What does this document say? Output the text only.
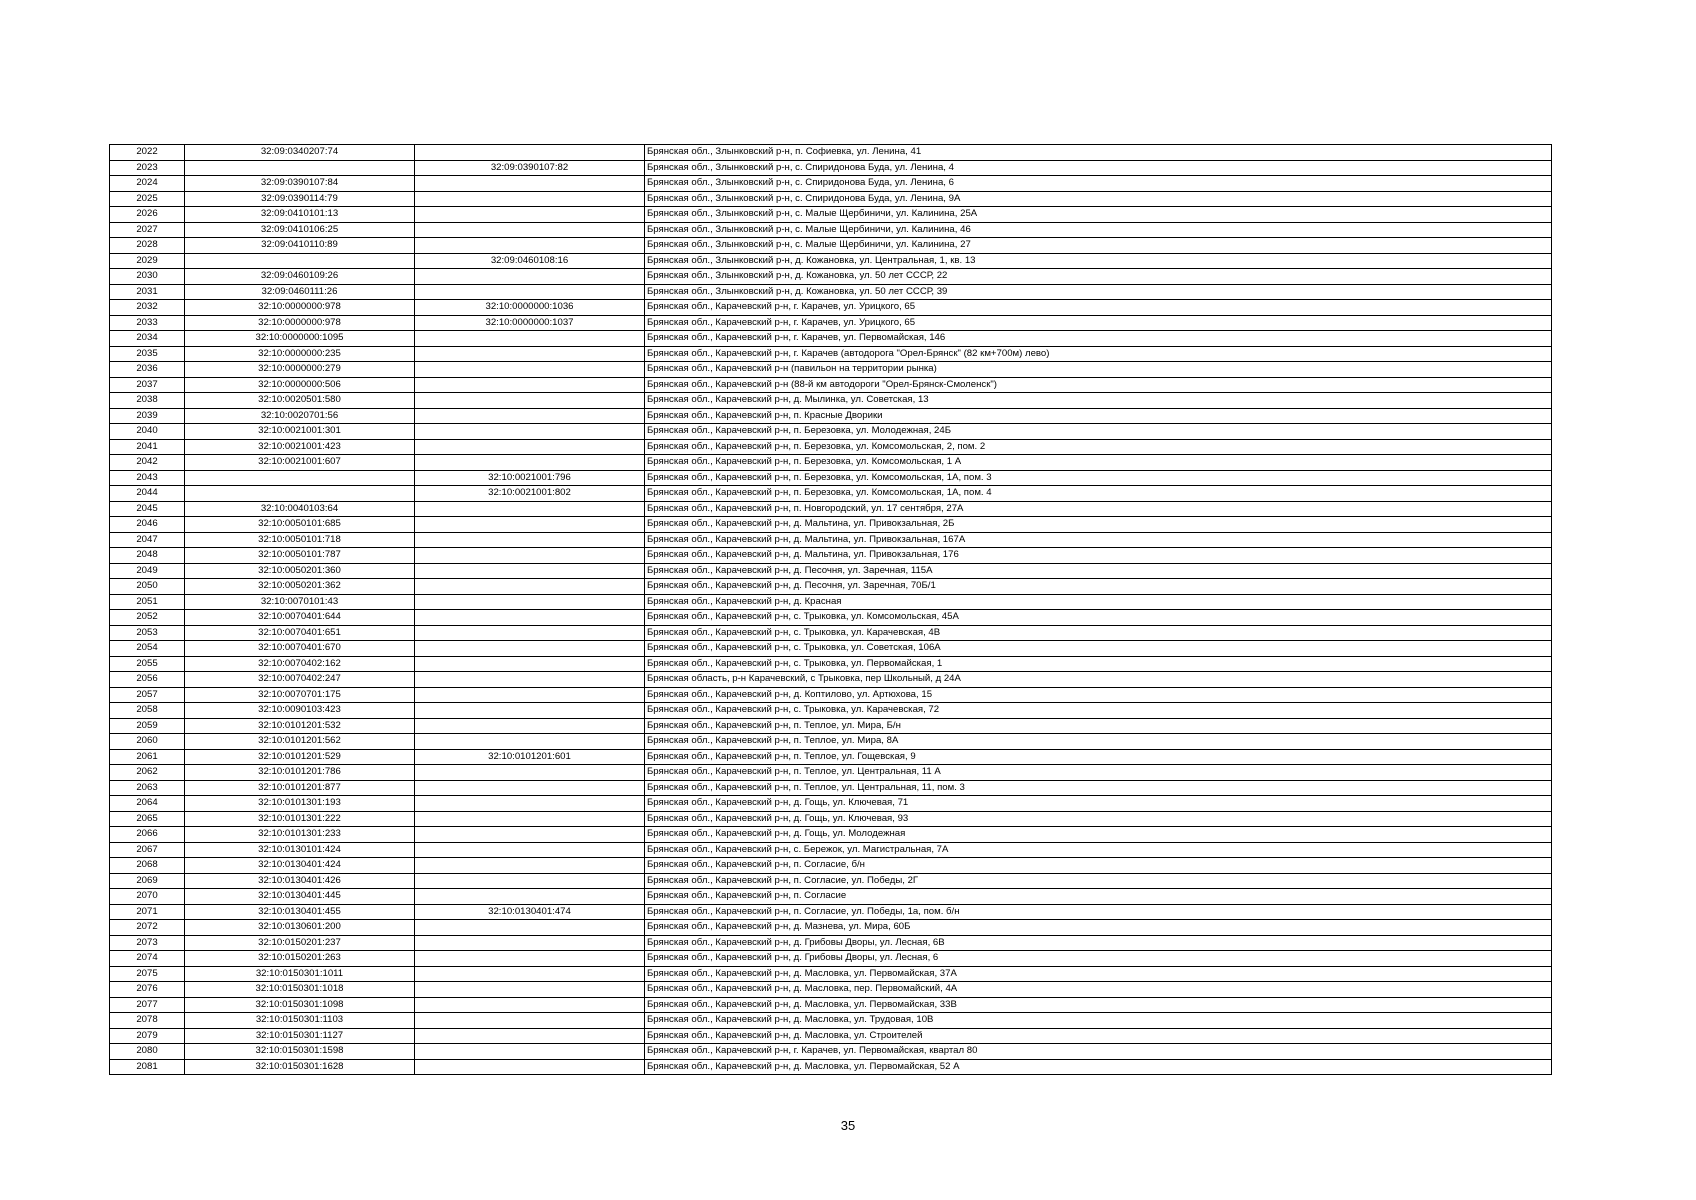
2022	32:09:0340207:74		Брянская обл., Злынковский р-н, п. Софиевка, ул. Ленина, 41
2023		32:09:0390107:82	Брянская обл., Злынковский р-н, с. Спиридонова Буда, ул. Ленина, 4
2024	32:09:0390107:84		Брянская обл., Злынковский р-н, с. Спиридонова Буда, ул. Ленина, 6
2025	32:09:0390114:79		Брянская обл., Злынковский р-н, с. Спиридонова Буда, ул. Ленина, 9А
2026	32:09:0410101:13		Брянская обл., Злынковский р-н, с. Малые Щербиничи, ул. Калинина, 25А
2027	32:09:0410106:25		Брянская обл., Злынковский р-н, с. Малые Щербиничи, ул. Калинина, 46
2028	32:09:0410110:89		Брянская обл., Злынковский р-н, с. Малые Щербиничи, ул. Калинина, 27
2029		32:09:0460108:16	Брянская обл., Злынковский р-н, д. Кожановка, ул. Центральная, 1, кв. 13
2030	32:09:0460109:26		Брянская обл., Злынковский р-н, д. Кожановка, ул. 50 лет СССР, 22
2031	32:09:0460111:26		Брянская обл., Злынковский р-н, д. Кожановка, ул. 50 лет СССР, 39
2032	32:10:0000000:978	32:10:0000000:1036	Брянская обл., Карачевский р-н, г. Карачев, ул. Урицкого, 65
2033	32:10:0000000:978	32:10:0000000:1037	Брянская обл., Карачевский р-н, г. Карачев, ул. Урицкого, 65
2034	32:10:0000000:1095		Брянская обл., Карачевский р-н, г. Карачев, ул. Первомайская, 146
2035	32:10:0000000:235		Брянская обл., Карачевский р-н, г. Карачев (автодорога "Орел-Брянск" (82 км+700м) лево)
2036	32:10:0000000:279		Брянская обл., Карачевский р-н (павильон на территории рынка)
2037	32:10:0000000:506		Брянская обл., Карачевский р-н (88-й км автодороги "Орел-Брянск-Смоленск")
2038	32:10:0020501:580		Брянская обл., Карачевский р-н, д. Мылинка, ул. Советская, 13
2039	32:10:0020701:56		Брянская обл., Карачевский р-н, п. Красные Дворики
2040	32:10:0021001:301		Брянская обл., Карачевский р-н, п. Березовка, ул. Молодежная, 24Б
2041	32:10:0021001:423		Брянская обл., Карачевский р-н, п. Березовка, ул. Комсомольская, 2, пом. 2
2042	32:10:0021001:607		Брянская обл., Карачевский р-н, п. Березовка, ул. Комсомольская, 1 А
2043		32:10:0021001:796	Брянская обл., Карачевский р-н, п. Березовка, ул. Комсомольская, 1А, пом. 3
2044		32:10:0021001:802	Брянская обл., Карачевский р-н, п. Березовка, ул. Комсомольская, 1А, пом. 4
2045	32:10:0040103:64		Брянская обл., Карачевский р-н, п. Новгородский, ул. 17 сентября, 27А
2046	32:10:0050101:685		Брянская обл., Карачевский р-н, д. Мальтина, ул. Привокзальная, 2Б
2047	32:10:0050101:718		Брянская обл., Карачевский р-н, д. Мальтина, ул. Привокзальная, 167А
2048	32:10:0050101:787		Брянская обл., Карачевский р-н, д. Мальтина, ул. Привокзальная, 176
2049	32:10:0050201:360		Брянская обл., Карачевский р-н, д. Песочня, ул. Заречная, 115А
2050	32:10:0050201:362		Брянская обл., Карачевский р-н, д. Песочня, ул. Заречная, 70Б/1
2051	32:10:0070101:43		Брянская обл., Карачевский р-н, д. Красная
2052	32:10:0070401:644		Брянская обл., Карачевский р-н, с. Трыковка, ул. Комсомольская, 45А
2053	32:10:0070401:651		Брянская обл., Карачевский р-н, с. Трыковка, ул. Карачевская, 4В
2054	32:10:0070401:670		Брянская обл., Карачевский р-н, с. Трыковка, ул. Советская, 106А
2055	32:10:0070402:162		Брянская обл., Карачевский р-н, с. Трыковка, ул. Первомайская, 1
2056	32:10:0070402:247		Брянская область, р-н Карачевский, с Трыковка, пер Школьный, д 24А
2057	32:10:0070701:175		Брянская обл., Карачевский р-н, д. Коптилово, ул. Артюхова, 15
2058	32:10:0090103:423		Брянская обл., Карачевский р-н, с. Трыковка, ул. Карачевская, 72
2059	32:10:0101201:532		Брянская обл., Карачевский р-н, п. Теплое, ул. Мира, Б/н
2060	32:10:0101201:562		Брянская обл., Карачевский р-н, п. Теплое, ул. Мира, 8А
2061	32:10:0101201:529	32:10:0101201:601	Брянская обл., Карачевский р-н, п. Теплое, ул. Гощевская, 9
2062	32:10:0101201:786		Брянская обл., Карачевский р-н, п. Теплое, ул. Центральная, 11 А
2063	32:10:0101201:877		Брянская обл., Карачевский р-н, п. Теплое, ул. Центральная, 11, пом. 3
2064	32:10:0101301:193		Брянская обл., Карачевский р-н, д. Гощь, ул. Ключевая, 71
2065	32:10:0101301:222		Брянская обл., Карачевский р-н, д. Гощь, ул. Ключевая, 93
2066	32:10:0101301:233		Брянская обл., Карачевский р-н, д. Гощь, ул. Молодежная
2067	32:10:0130101:424		Брянская обл., Карачевский р-н, с. Бережок, ул. Магистральная, 7А
2068	32:10:0130401:424		Брянская обл., Карачевский р-н, п. Согласие, б/н
2069	32:10:0130401:426		Брянская обл., Карачевский р-н, п. Согласие, ул. Победы, 2Г
2070	32:10:0130401:445		Брянская обл., Карачевский р-н, п. Согласие
2071	32:10:0130401:455	32:10:0130401:474	Брянская обл., Карачевский р-н, п. Согласие, ул. Победы, 1а, пом. б/н
2072	32:10:0130601:200		Брянская обл., Карачевский р-н, д. Мазнева, ул. Мира, 60Б
2073	32:10:0150201:237		Брянская обл., Карачевский р-н, д. Грибовы Дворы, ул. Лесная, 6В
2074	32:10:0150201:263		Брянская обл., Карачевский р-н, д. Грибовы Дворы, ул. Лесная, 6
2075	32:10:0150301:1011		Брянская обл., Карачевский р-н, д. Масловка, ул. Первомайская, 37А
2076	32:10:0150301:1018		Брянская обл., Карачевский р-н, д. Масловка, пер. Первомайский, 4А
2077	32:10:0150301:1098		Брянская обл., Карачевский р-н, д. Масловка, ул. Первомайская, 33В
2078	32:10:0150301:1103		Брянская обл., Карачевский р-н, д. Масловка, ул. Трудовая, 10В
2079	32:10:0150301:1127		Брянская обл., Карачевский р-н, д. Масловка, ул. Строителей
2080	32:10:0150301:1598		Брянская обл., Карачевский р-н, г. Карачев, ул. Первомайская, квартал 80
2081	32:10:0150301:1628		Брянская обл., Карачевский р-н, д. Масловка, ул. Первомайская, 52 А
35
